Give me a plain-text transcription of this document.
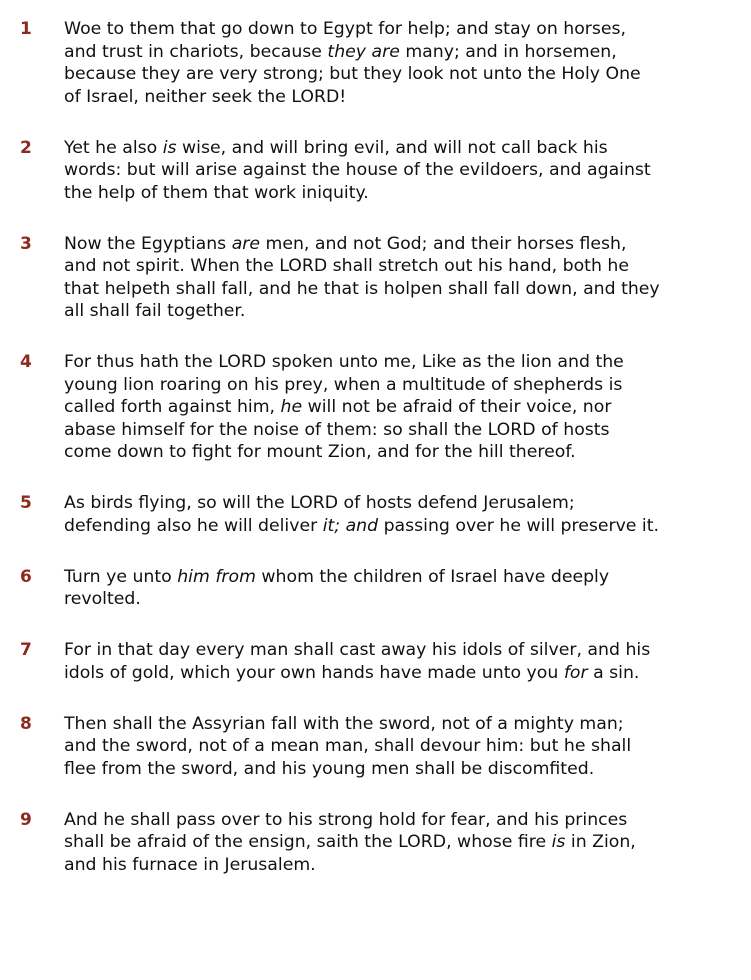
1	Woe to them that go down to Egypt for help; and stay on horses,
and trust in chariots, because they are many; and in horsemen,
because they are very strong; but they look not unto the Holy One
of Israel, neither seek the LORD!
2	Yet he also is wise, and will bring evil, and will not call back his
words: but will arise against the house of the evildoers, and against
the help of them that work iniquity.
3	Now the Egyptians are men, and not God; and their horses flesh,
and not spirit. When the LORD shall stretch out his hand, both he
that helpeth shall fall, and he that is holpen shall fall down, and they
all shall fail together.
4	For thus hath the LORD spoken unto me, Like as the lion and the
young lion roaring on his prey, when a multitude of shepherds is
called forth against him, he will not be afraid of their voice, nor
abase himself for the noise of them: so shall the LORD of hosts
come down to fight for mount Zion, and for the hill thereof.
5	As birds flying, so will the LORD of hosts defend Jerusalem;
defending also he will deliver it; and passing over he will preserve it.
6	Turn ye unto him from whom the children of Israel have deeply
revolted.
7	For in that day every man shall cast away his idols of silver, and his
idols of gold, which your own hands have made unto you for a sin.
8	Then shall the Assyrian fall with the sword, not of a mighty man;
and the sword, not of a mean man, shall devour him: but he shall
flee from the sword, and his young men shall be discomfited.
9	And he shall pass over to his strong hold for fear, and his princes
shall be afraid of the ensign, saith the LORD, whose fire is in Zion,
and his furnace in Jerusalem.
